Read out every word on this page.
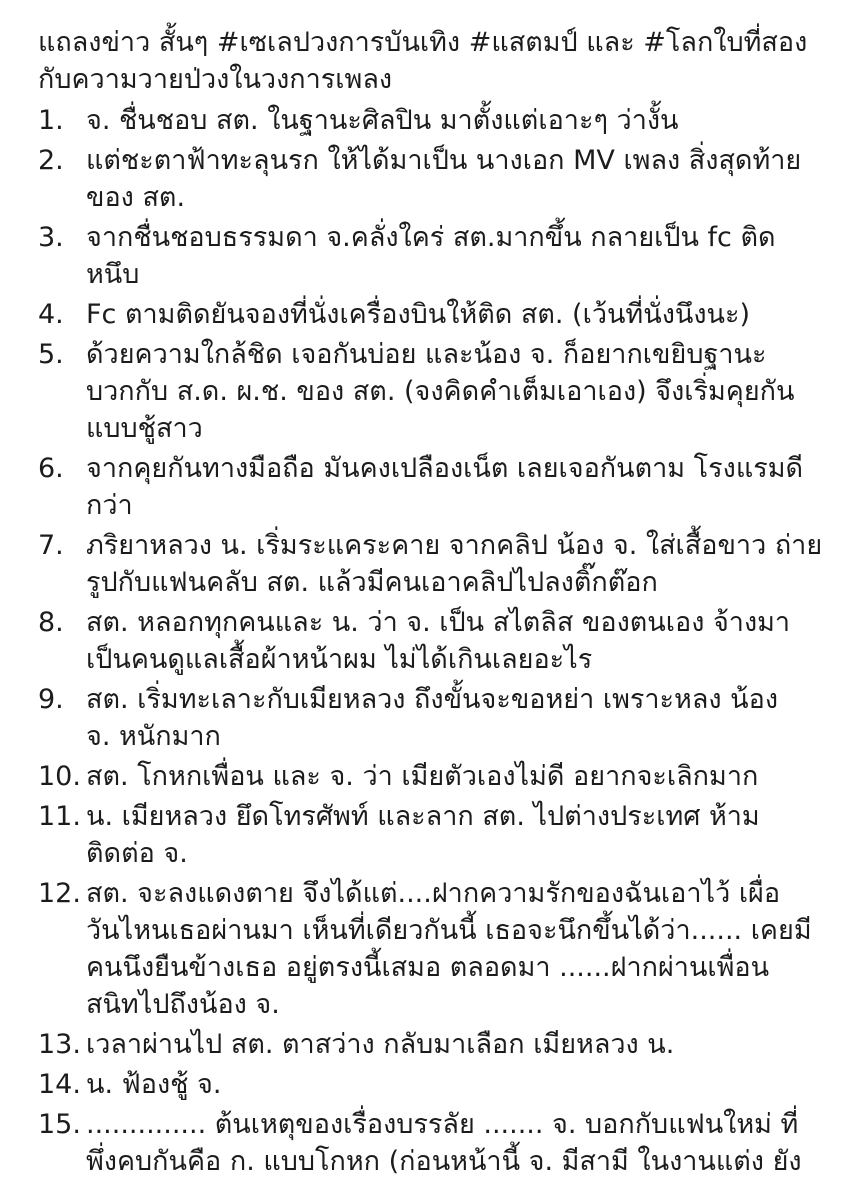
แถลงข่าว สั้นๆ #เซเลปวงการบันเทิง #แสตมป์ และ #โลกใบที่สอง
กับความวายป่วงในวงการเพลง
1. จ. ชื่นชอบ สต. ในฐานะศิลปิน มาตั้งแต่เอาะๆ ว่างั้น
2. แต่ชะตาฟ้าทะลุนรก ให้ได้มาเป็น นางเอก MV เพลง สิ่งสุดท้าย
ของ สต.
3. จากชื่นชอบธรรมดา จ.คลั่งใคร่ สต.มากขึ้น กลายเป็น fc ติด
หนึบ
4. Fc ตามติดยันจองที่นั่งเครื่องบินให้ติด สต. (เว้นที่นั่งนึงนะ)
5. ด้วยความใกล้ชิด เจอกันบ่อย และน้อง จ. ก็อยากเขยิบฐานะ
บวกกับ ส.ด. ผ.ช. ของ สต. (จงคิดคำเต็มเอาเอง) จึงเริ่มคุยกัน
แบบชู้สาว
6. จากคุยกันทางมือถือ มันคงเปลืองเน็ต เลยเจอกันตาม โรงแรมดี
กว่า
7. ภริยาหลวง น. เริ่มระแคระคาย จากคลิป น้อง จ. ใส่เสื้อขาว ถ่าย
รูปกับแฟนคลับ สต. แล้วมีคนเอาคลิปไปลงติ๊กต๊อก
8. สต. หลอกทุกคนและ น. ว่า จ. เป็น สไตลิส ของตนเอง จ้างมา
เป็นคนดูแลเสื้อผ้าหน้าผม ไม่ได้เกินเลยอะไร
9. สต. เริ่มทะเลาะกับเมียหลวง ถึงขั้นจะขอหย่า เพราะหลง น้อง
จ. หนักมาก
10. สต. โกหกเพื่อน และ จ. ว่า เมียตัวเองไม่ดี อยากจะเลิกมาก
11. น. เมียหลวง ยึดโทรศัพท์ และลาก สต. ไปต่างประเทศ ห้าม
ติดต่อ จ.
12. สต. จะลงแดงตาย จึงได้แต่....ฝากความรักของฉันเอาไว้ เผื่อ
วันไหนเธอผ่านมา เห็นที่เดียวกันนี้ เธอจะนึกขึ้นได้ว่า...... เคยมี
คนนึงยืนข้างเธอ อยู่ตรงนี้เสมอ ตลอดมา ......ฝากผ่านเพื่อน
สนิทไปถึงน้อง จ.
13. เวลาผ่านไป สต. ตาสว่าง กลับมาเลือก เมียหลวง น.
14. น. ฟ้องชู้ จ.
15. .............. ต้นเหตุของเรื่องบรรลัย ....... จ. บอกกับแฟนใหม่ ที่
พึ่งคบกันคือ ก. แบบโกหก (ก่อนหน้านี้ จ. มีสามี ในงานแต่ง ยัง
